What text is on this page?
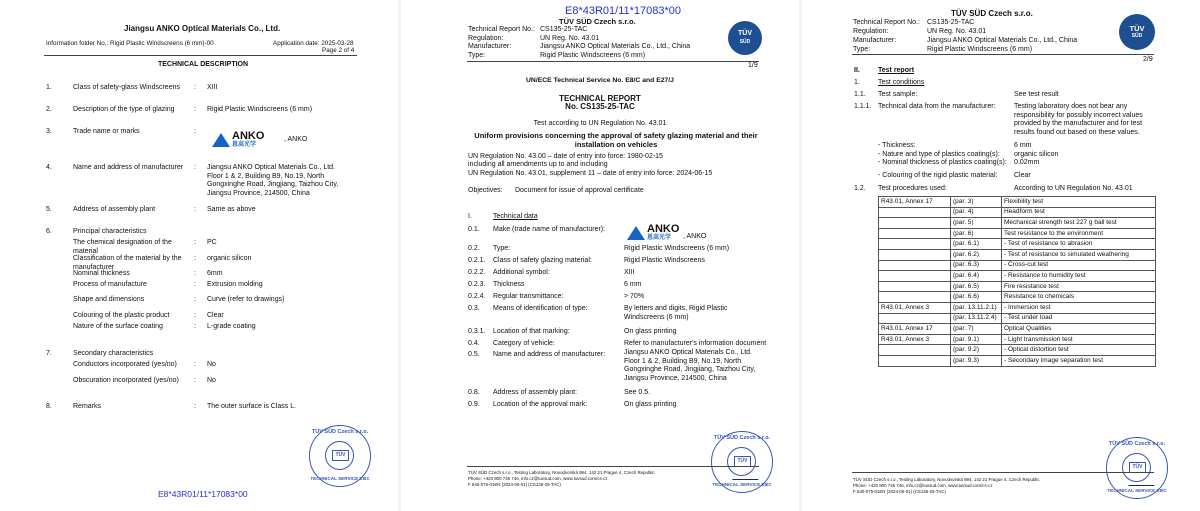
Jiangsu ANKO Optical Materials Co., Ltd.
Information folder No.: Rigid Plastic Windscreens (6 mm)-00	Application date: 2025-03-28
Page 2 of 4
TECHNICAL DESCRIPTION
1.	Class of safety-glass Windscreens : XIII
2.	Description of the type of glazing	: Rigid Plastic Windscreens (6 mm)
3.	Trade name or marks	:	ANKO
恩高光学
, ANKO
4.	Name and address of manufacturer : Jiangsu ANKO Optical Materials Co., Ltd. Floor 1 & 2, Building B9, No.19, North Gongxinghe Road, Jingjiang, Taizhou City, Jiangsu Province, 214500, China
5.	Address of assembly plant	: Same as above
6.	Principal characteristics
The chemical designation of the material
: PC
Classification of the material by the manufacturer
: organic silicon
Nominal thickness	: 6mm
Process of manufacture	: Extrusion molding
Shape and dimensions	: Curve (refer to drawings)
Colouring of the plastic product	: Clear
Nature of the surface coating	: L-grade coating
7.	Secondary characteristics
Conductors incorporated (yes/no) : No
Obscuration incorporated (yes/no) : No
8.	Remarks	: The outer surface is Class L.
TÜV SÜD Czech s.r.o.
TÜV
TECHNICAL SERVICE E8/C
E8*43R01/11*17083*00
E8*43R01/11*17083*00
TÜV SÜD Czech s.r.o.
Technical Report No.: CS135-25-TAC
Regulation:	UN Reg. No. 43.01
Manufacturer:	Jiangsu ANKO Optical Materials Co., Ltd., China
Type:	Rigid Plastic Windscreens (6 mm)
TÜV
SÜD
1/9
UN/ECE Technical Service No. E8/C and E27/J
TECHNICAL REPORT
No. CS135-25-TAC
Test according to UN Regulation No. 43.01
Uniform provisions concerning the approval of safety glazing material and their installation on vehicles
UN Regulation No. 43.00 – date of entry into force: 1980-02-15
including all amendments up to and including
UN Regulation No. 43.01, supplement 11 – date of entry into force: 2024-06-15
Objectives: Document for issue of approval certificate
I.	Technical data
0.1. Make (trade name of manufacturer):	ANKO
恩高光学	, ANKO
0.2. Type:	Rigid Plastic Windscreens (6 mm)
0.2.1. Class of safety glazing material:	Rigid Plastic Windscreens
0.2.2. Additional symbol:	XIII
0.2.3. Thickness	6 mm
0.2.4. Regular transmittance:	> 70%
0.3. Means of identification of type:	By letters and digits, Rigid Plastic Windscreens (6 mm)
0.3.1. Location of that marking:	On glass printing
0.4. Category of vehicle:	Refer to manufacturer's information document
0.5. Name and address of manufacturer:	Jiangsu ANKO Optical Materials Co., Ltd. Floor 1 & 2, Building B9, No.19, North Gongxinghe Road, Jingjiang, Taizhou City, Jiangsu Province, 214500, China
0.8. Address of assembly plant:	See 0.5.
0.9. Location of the approval mark:	On glass printing
TÜV SÜD Czech s.r.o.
TÜV
TECHNICAL SERVICE E8/C
TÜV SÜD Czech s.r.o., Testing Laboratory, Novodvorská 994, 142 21 Prague 4, Czech Republic
Phone: +420 800 746 746, info.cz@tuvsud.com, www.tuvsud.com/cs-cz
F 540-075-01EN (2024-06-01) (CS135-25-TAC)
TÜV SÜD Czech s.r.o.
Technical Report No.: CS135-25-TAC
Regulation:	UN Reg. No. 43.01
Manufacturer:	Jiangsu ANKO Optical Materials Co., Ltd., China
Type:	Rigid Plastic Windscreens (6 mm)
TÜV
SÜD
2/9
II.	Test report
1.	Test conditions
1.1. Test sample:	See test result
1.1.1. Technical data from the manufacturer:	Testing laboratory does not bear any responsibility for possibly incorrect values provided by the manufacturer and for test results found out based on these values.
- Thickness:	6 mm
- Nature and type of plastics coating(s): organic silicon
- Nominal thickness of plastics coating(s): 0.02mm
- Colouring of the rigid plastic material: Clear
1.2. Test procedures used:	According to UN Regulation No. 43.01
R43.01, Annex 17	(par. 3)	Flexibility test
	(par. 4)	Headform test
	(par. 5)	Mechanical strength test 227 g ball test
	(par. 6)	Test resistance to the environment
	(par. 6.1)	- Test of resistance to abrasion
	(par. 6.2)	- Test of resistance to simulated weathering
	(par. 6.3)	- Cross-cut test
	(par. 6.4)	- Resistance to humidity test
	(par. 6.5)	Fire resistance test
	(par. 6.6)	Resistance to chemicals
R43.01, Annex 3	(par. 13.11.2.1)	- Immersion test
	(par. 13.11.2.4)	- Test under load
R43.01, Annex 17	(par. 7)	Optical Qualities
R43.01, Annex 3	(par. 9.1)	- Light transmission test
	(par. 9.2)	- Optical distortion test
	(par. 9.3)	- Secondary image separation test
TÜV SÜD Czech s.r.o.
TÜV
TECHNICAL SERVICE E8/C
TÜV SÜD Czech s.r.o., Testing Laboratory, Novodvorská 994, 142 21 Prague 4, Czech Republic
Phone: +420 800 746 746, info.cz@tuvsud.com, www.tuvsud.com/cs-cz
F 540-075-01EN (2024-06-01) (CS135-25-TAC)
